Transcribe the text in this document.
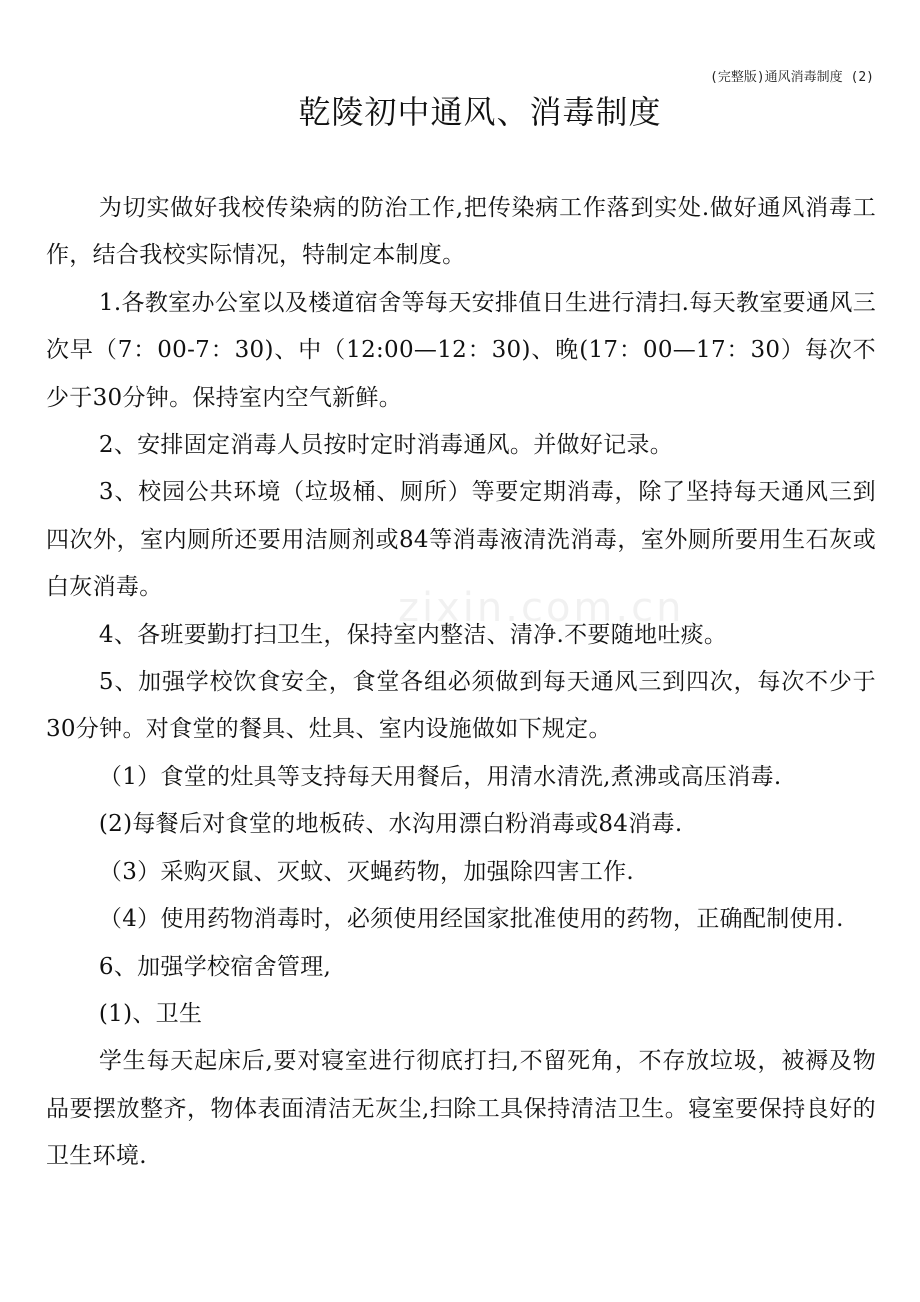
(完整版)通风消毒制度 (2)
乾陵初中通风、消毒制度
zixin.com.cn

为切实做好我校传染病的防治工作,把传染病工作落到实处.做好通风消毒工作，结合我校实际情况，特制定本制度。

1.各教室办公室以及楼道宿舍等每天安排值日生进行清扫.每天教室要通风三次早（7：00-7：30)、中（12:00—12：30)、晚(17：00—17：30）每次不少于30分钟。保持室内空气新鲜。

2、安排固定消毒人员按时定时消毒通风。并做好记录。

3、校园公共环境（垃圾桶、厕所）等要定期消毒，除了坚持每天通风三到四次外，室内厕所还要用洁厕剂或84等消毒液清洗消毒，室外厕所要用生石灰或白灰消毒。

4、各班要勤打扫卫生，保持室内整洁、清净.不要随地吐痰。

5、加强学校饮食安全，食堂各组必须做到每天通风三到四次，每次不少于30分钟。对食堂的餐具、灶具、室内设施做如下规定。

（1）食堂的灶具等支持每天用餐后，用清水清洗,煮沸或高压消毒.

(2)每餐后对食堂的地板砖、水沟用漂白粉消毒或84消毒.

（3）采购灭鼠、灭蚊、灭蝇药物，加强除四害工作.

（4）使用药物消毒时，必须使用经国家批准使用的药物，正确配制使用.

6、加强学校宿舍管理,

(1)、卫生

学生每天起床后,要对寝室进行彻底打扫,不留死角，不存放垃圾，被褥及物品要摆放整齐，物体表面清洁无灰尘,扫除工具保持清洁卫生。寝室要保持良好的卫生环境.
